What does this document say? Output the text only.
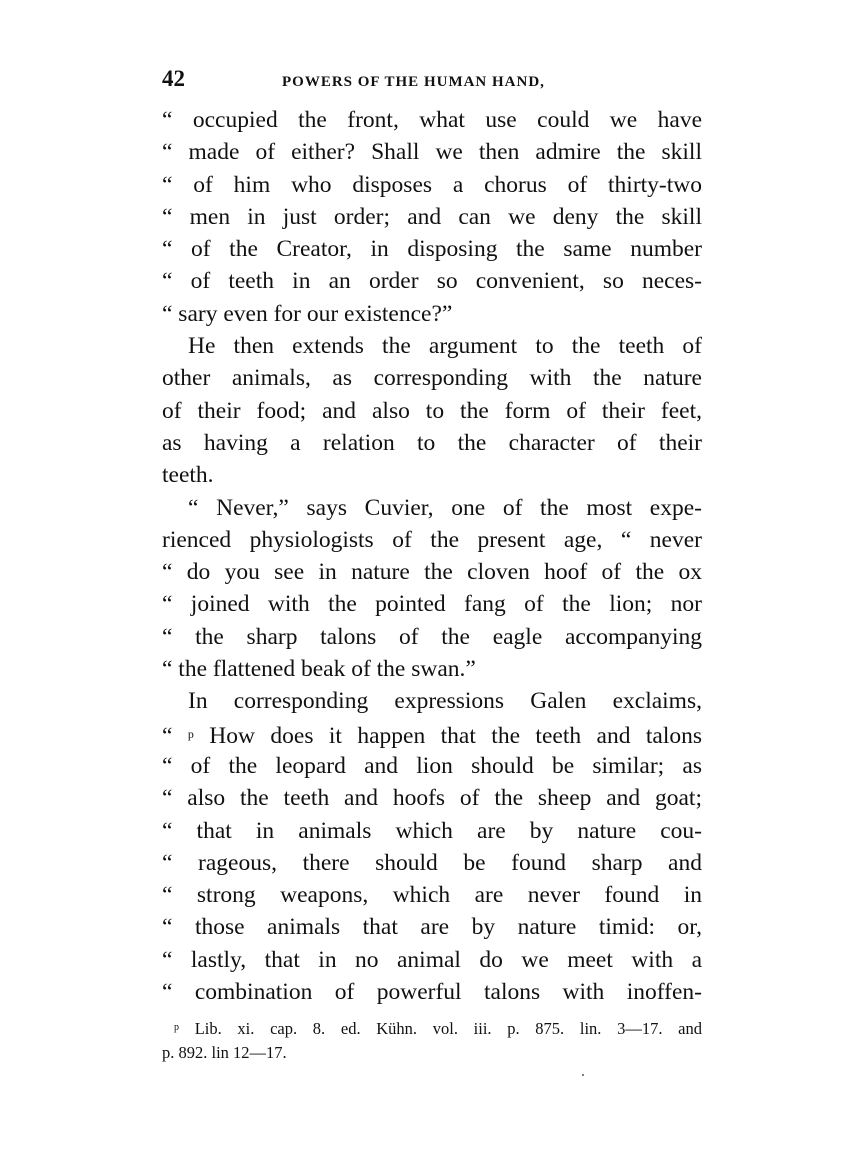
42	POWERS OF THE HUMAN HAND,
“ occupied the front, what use could we have
“ made of either? Shall we then admire the skill
“ of him who disposes a chorus of thirty-two
“ men in just order; and can we deny the skill
“ of the Creator, in disposing the same number
“ of teeth in an order so convenient, so neces-
“ sary even for our existence?”
He then extends the argument to the teeth of
other animals, as corresponding with the nature
of their food; and also to the form of their feet,
as having a relation to the character of their
teeth.
“ Never,” says Cuvier, one of the most expe-
rienced physiologists of the present age, “ never
“ do you see in nature the cloven hoof of the ox
“ joined with the pointed fang of the lion; nor
“ the sharp talons of the eagle accompanying
“ the flattened beak of the swan.”
In corresponding expressions Galen exclaims,
“ $^p$ How does it happen that the teeth and talons
“ of the leopard and lion should be similar; as
“ also the teeth and hoofs of the sheep and goat;
“ that in animals which are by nature cou-
“ rageous, there should be found sharp and
“ strong weapons, which are never found in
“ those animals that are by nature timid: or,
“ lastly, that in no animal do we meet with a
“ combination of powerful talons with inoffen-
$^p$ Lib. xi. cap. 8. ed. Kühn. vol. iii. p. 875. lin. 3—17. and
p. 892. lin 12—17.
